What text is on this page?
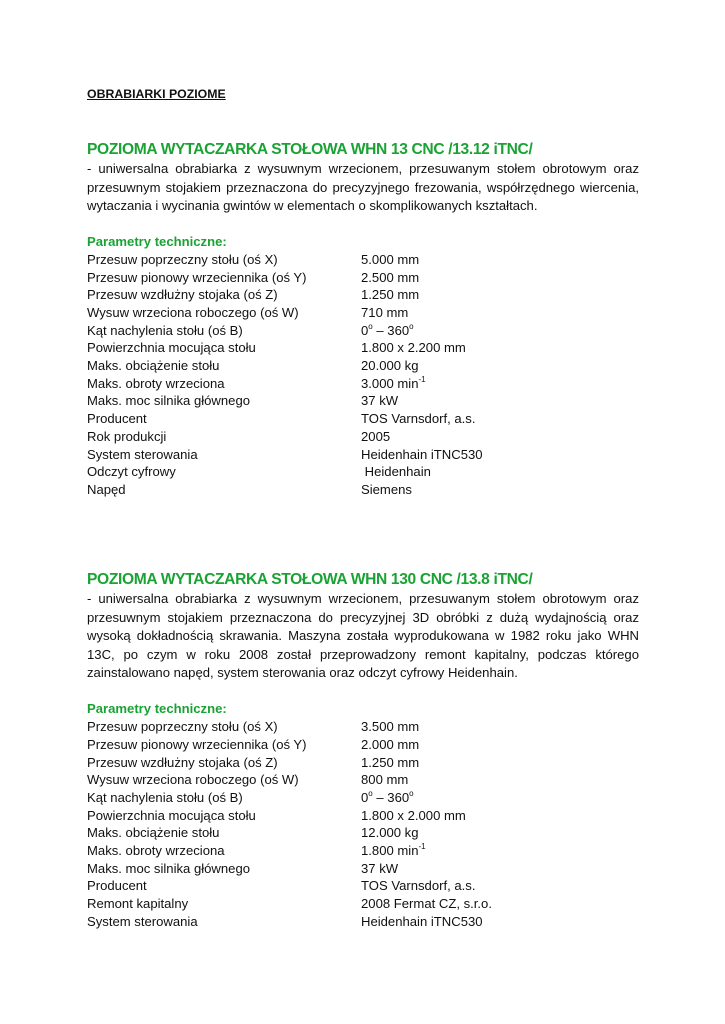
OBRABIARKI POZIOME
POZIOMA WYTACZARKA STOŁOWA WHN 13 CNC /13.12 iTNC/

- uniwersalna obrabiarka z wysuwnym wrzecionem, przesuwanym stołem obrotowym oraz

przesuwnym stojakiem przeznaczona do precyzyjnego frezowania, współrzędnego wiercenia,

wytaczania i wycinania gwintów w elementach o skomplikowanych kształtach.

Parametry techniczne:
Przesuw poprzeczny stołu (oś X)	5.000 mm
Przesuw pionowy wrzeciennika (oś Y)	2.500 mm
Przesuw wzdłużny stojaka (oś Z)	1.250 mm
Wysuw wrzeciona roboczego (oś W)	710 mm
Kąt nachylenia stołu (oś B)	0$^o$ – 360$^o$
Powierzchnia mocująca stołu	1.800 x 2.200 mm
Maks. obciążenie stołu	20.000 kg
Maks. obroty wrzeciona	3.000 $\min^{-1}$
Maks. moc silnika głównego	37 kW
Producent	TOS Varnsdorf, a.s.
Rok produkcji	2005
System sterowania	Heidenhain iTNC530
Odczyt cyfrowy	Heidenhain
Napęd	Siemens
POZIOMA WYTACZARKA STOŁOWA WHN 130 CNC /13.8 iTNC/

- uniwersalna obrabiarka z wysuwnym wrzecionem, przesuwanym stołem obrotowym oraz

przesuwnym stojakiem przeznaczona do precyzyjnej 3D obróbki z dużą wydajnością oraz

wysoką dokładnością skrawania. Maszyna została wyprodukowana w 1982 roku jako WHN

13C, po czym w roku 2008 został przeprowadzony remont kapitalny, podczas którego

zainstalowano napęd, system sterowania oraz odczyt cyfrowy Heidenhain.

Parametry techniczne:
Przesuw poprzeczny stołu (oś X)	3.500 mm
Przesuw pionowy wrzeciennika (oś Y)	2.000 mm
Przesuw wzdłużny stojaka (oś Z)	1.250 mm
Wysuw wrzeciona roboczego (oś W)	800 mm
Kąt nachylenia stołu (oś B)	0$^o$ – 360$^o$
Powierzchnia mocująca stołu	1.800 x 2.000 mm
Maks. obciążenie stołu	12.000 kg
Maks. obroty wrzeciona	1.800 $\min^{-1}$
Maks. moc silnika głównego	37 kW
Producent	TOS Varnsdorf, a.s.
Remont kapitalny	2008 Fermat CZ, s.r.o.
System sterowania	Heidenhain iTNC530
